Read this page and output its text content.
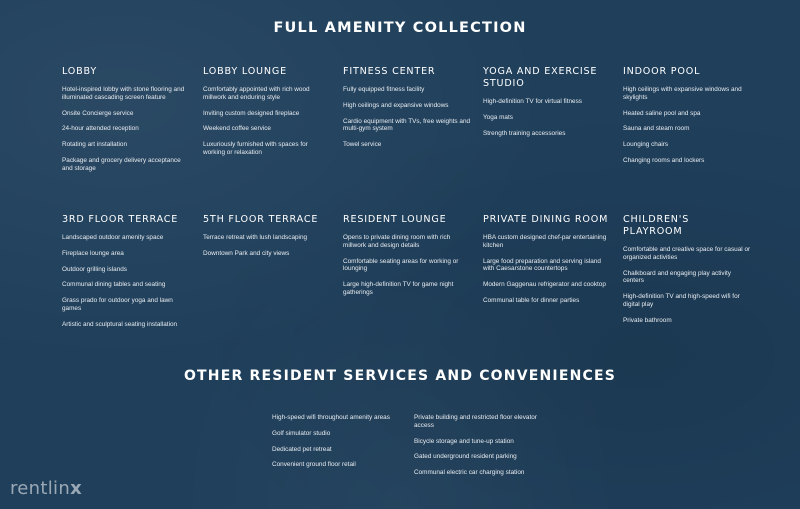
FULL AMENITY COLLECTION
LOBBY
Hotel-inspired lobby with stone flooring and illuminated cascading screen feature
Onsite Concierge service
24-hour attended reception
Rotating art installation
Package and grocery delivery acceptance and storage
LOBBY LOUNGE
Comfortably appointed with rich wood millwork and enduring style
Inviting custom designed fireplace
Weekend coffee service
Luxuriously furnished with spaces for working or relaxation
FITNESS CENTER
Fully equipped fitness facility
High ceilings and expansive windows
Cardio equipment with TVs, free weights and multi-gym system
Towel service
YOGA AND EXERCISE STUDIO
High-definition TV for virtual fitness
Yoga mats
Strength training accessories
INDOOR POOL
High ceilings with expansive windows and skylights
Heated saline pool and spa
Sauna and steam room
Lounging chairs
Changing rooms and lockers
3RD FLOOR TERRACE
Landscaped outdoor amenity space
Fireplace lounge area
Outdoor grilling islands
Communal dining tables and seating
Grass prado for outdoor yoga and lawn games
Artistic and sculptural seating installation
5TH FLOOR TERRACE
Terrace retreat with lush landscaping
Downtown Park and city views
RESIDENT LOUNGE
Opens to private dining room with rich millwork and design details
Comfortable seating areas for working or lounging
Large high-definition TV for game night gatherings
PRIVATE DINING ROOM
HBA custom designed chef-par entertaining kitchen
Large food preparation and serving island with Caesarstone countertops
Modern Gaggenau refrigerator and cooktop
Communal table for dinner parties
CHILDREN'S PLAYROOM
Comfortable and creative space for casual or organized activities
Chalkboard and engaging play activity centers
High-definition TV and high-speed wifi for digital play
Private bathroom
OTHER RESIDENT SERVICES AND CONVENIENCES
High-speed wifi throughout amenity areas
Golf simulator studio
Dedicated pet retreat
Convenient ground floor retail
Private building and restricted floor elevator access
Bicycle storage and tune-up station
Gated underground resident parking
Communal electric car charging station
rentlinx
